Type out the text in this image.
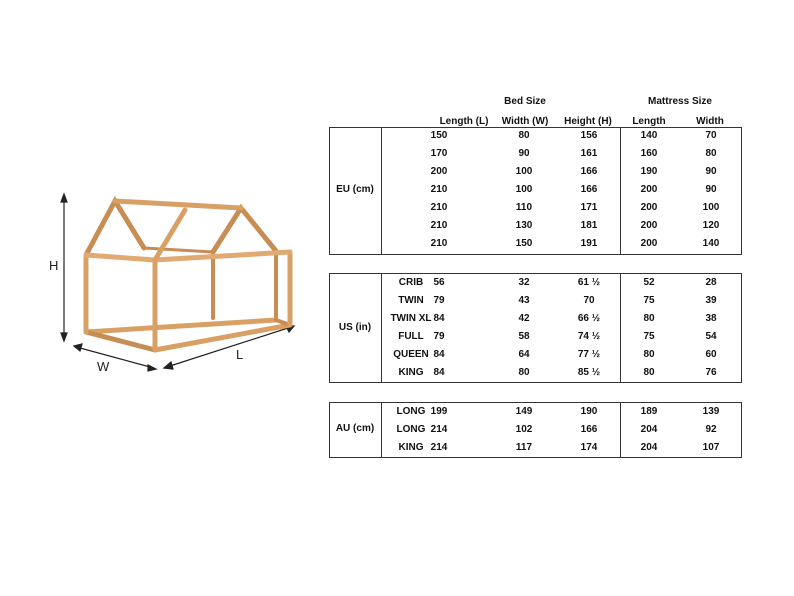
H
W
L
Bed Size	Mattress Size
Length (L)	Width (W)	Height (H)	Length	Width
EU (cm)
150	80	156	140	70
170	90	161	160	80
200	100	166	190	90
210	100	166	200	90
210	110	171	200	100
210	130	181	200	120
210	150	191	200	140
US (in)
CRIB	56	32	61 ½	52	28
TWIN 79	43	70	75	39
TWIN XL 84	42	66 ½	80	38
FULL 79	58	74 ½	75	54
QUEEN 84	64	77 ½	80	60
KING 84	80	85 ½	80	76
AU (cm)
LONG 199	149	190	189	139
LONG 214	102	166	204	92
KING 214	117	174	204	107
